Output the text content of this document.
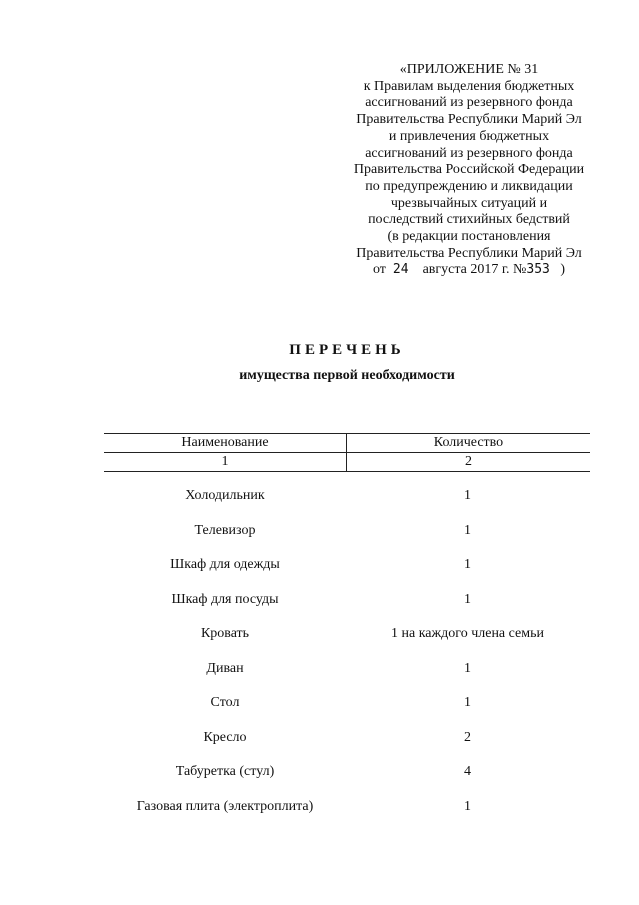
«ПРИЛОЖЕНИЕ № 31
к Правилам выделения бюджетных
ассигнований из резервного фонда
Правительства Республики Марий Эл
и привлечения бюджетных
ассигнований из резервного фонда
Правительства Российской Федерации
по предупреждению и ликвидации
чрезвычайных ситуаций и
последствий стихийных бедствий
(в редакции постановления
Правительства Республики Марий Эл
от 24 августа 2017 г. №353 )
ПЕРЕЧЕНЬ
имущества первой необходимости
Наименование	Количество
1	2
Холодильник	1
Телевизор	1
Шкаф для одежды	1
Шкаф для посуды	1
Кровать	1 на каждого члена семьи
Диван	1
Стол	1
Кресло	2
Табуретка (стул)	4
Газовая плита (электроплита)	1
